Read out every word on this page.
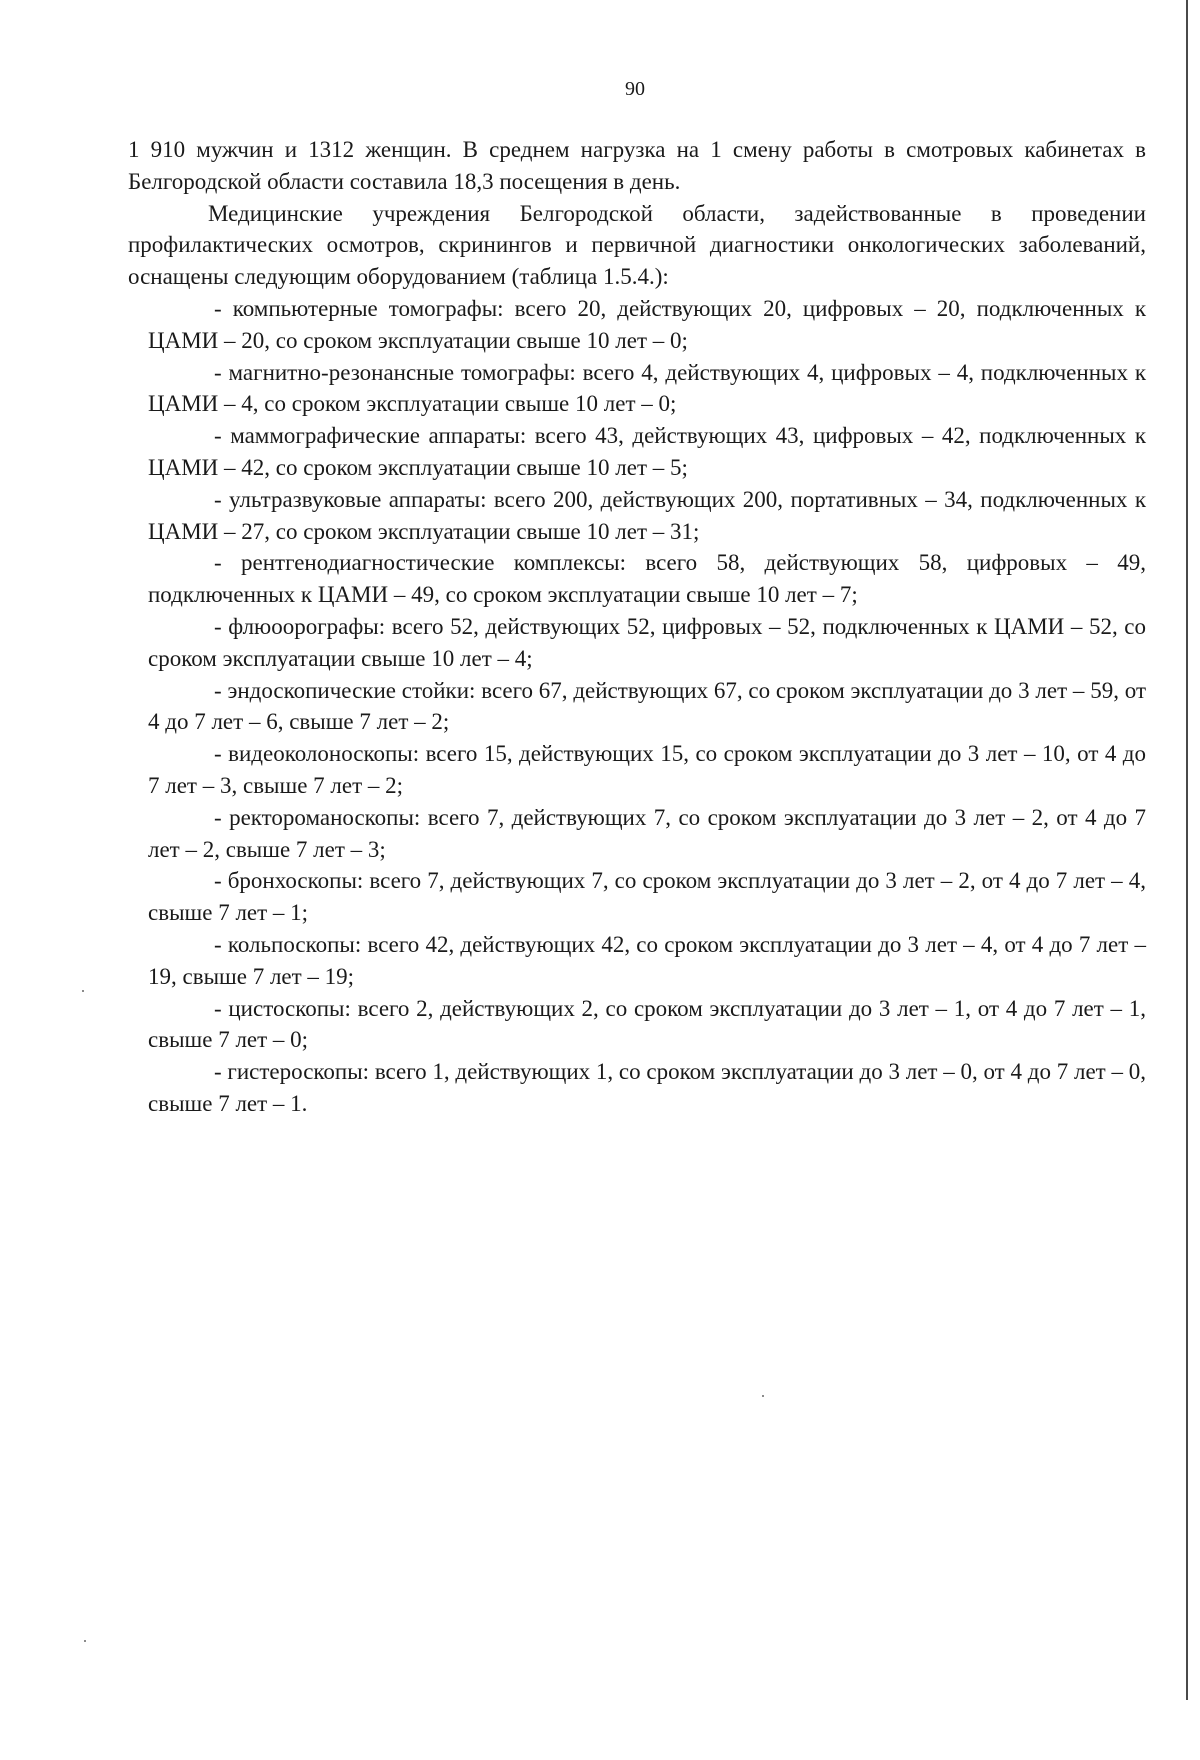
90

1 910 мужчин и 1312 женщин. В среднем нагрузка на 1 смену работы в смотровых кабинетах в Белгородской области составила 18,3 посещения в день.

Медицинские учреждения Белгородской области, задействованные в проведении профилактических осмотров, скринингов и первичной диагностики онкологических заболеваний, оснащены следующим оборудованием (таблица 1.5.4.):

- компьютерные томографы: всего 20, действующих 20, цифровых – 20, подключенных к ЦАМИ – 20, со сроком эксплуатации свыше 10 лет – 0;

- магнитно-резонансные томографы: всего 4, действующих 4, цифровых – 4, подключенных к ЦАМИ – 4, со сроком эксплуатации свыше 10 лет – 0;

- маммографические аппараты: всего 43, действующих 43, цифровых – 42, подключенных к ЦАМИ – 42, со сроком эксплуатации свыше 10 лет – 5;

- ультразвуковые аппараты: всего 200, действующих 200, портативных – 34, подключенных к ЦАМИ – 27, со сроком эксплуатации свыше 10 лет – 31;

- рентгенодиагностические комплексы: всего 58, действующих 58, цифровых – 49, подключенных к ЦАМИ – 49, со сроком эксплуатации свыше 10 лет – 7;

- флюоорографы: всего 52, действующих 52, цифровых – 52, подключенных к ЦАМИ – 52, со сроком эксплуатации свыше 10 лет – 4;

- эндоскопические стойки: всего 67, действующих 67, со сроком эксплуатации до 3 лет – 59, от 4 до 7 лет – 6, свыше 7 лет – 2;

- видеоколоноскопы: всего 15, действующих 15, со сроком эксплуатации до 3 лет – 10, от 4 до 7 лет – 3, свыше 7 лет – 2;

- ректороманоскопы: всего 7, действующих 7, со сроком эксплуатации до 3 лет – 2, от 4 до 7 лет – 2, свыше 7 лет – 3;

- бронхоскопы: всего 7, действующих 7, со сроком эксплуатации до 3 лет – 2, от 4 до 7 лет – 4, свыше 7 лет – 1;

- кольпоскопы: всего 42, действующих 42, со сроком эксплуатации до 3 лет – 4, от 4 до 7 лет – 19, свыше 7 лет – 19;

- цистоскопы: всего 2, действующих 2, со сроком эксплуатации до 3 лет – 1, от 4 до 7 лет – 1, свыше 7 лет – 0;

- гистероскопы: всего 1, действующих 1, со сроком эксплуатации до 3 лет – 0, от 4 до 7 лет – 0, свыше 7 лет – 1.
